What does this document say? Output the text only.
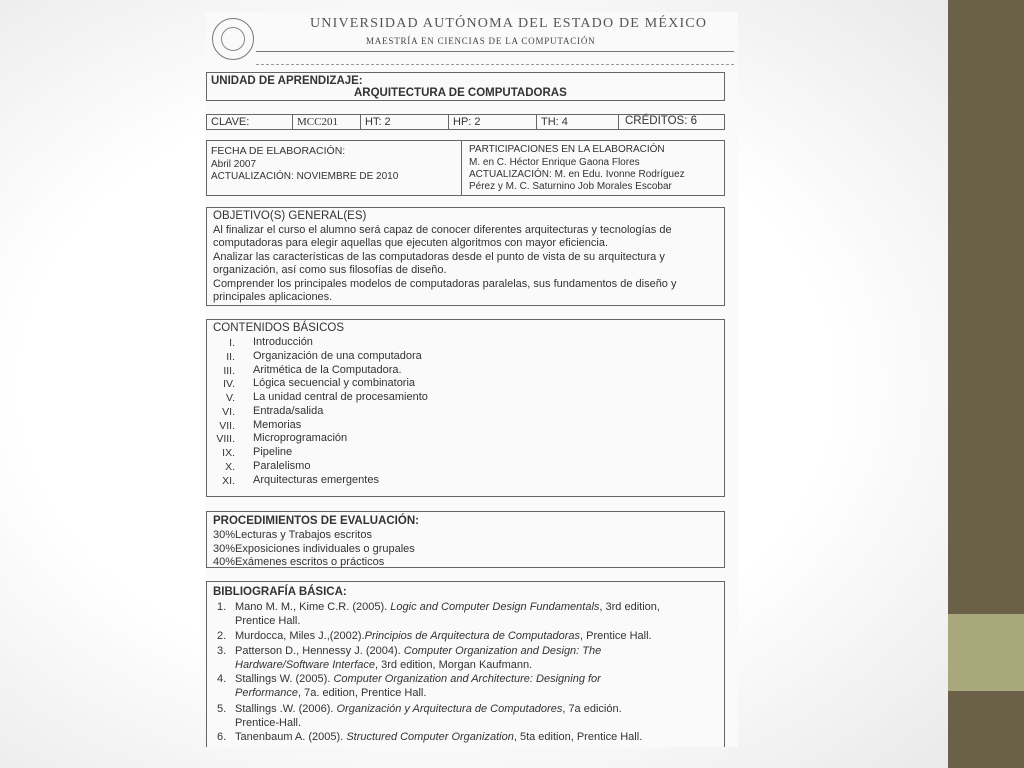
UNIVERSIDAD AUTÓNOMA DEL ESTADO DE MÉXICO
MAESTRÍA EN CIENCIAS DE LA COMPUTACIÓN
UNIDAD DE APRENDIZAJE:
ARQUITECTURA DE COMPUTADORAS
CLAVE:	MCC201 HT: 2	HP: 2	TH: 4	CRÉDITOS: 6
FECHA DE ELABORACIÓN:
Abril 2007
ACTUALIZACIÓN: NOVIEMBRE DE 2010
PARTICIPACIONES EN LA ELABORACIÓN
M. en C. Héctor Enrique Gaona Flores
ACTUALIZACIÓN: M. en Edu. Ivonne Rodríguez
Pérez y M. C. Saturnino Job Morales Escobar
OBJETIVO(S) GENERAL(ES)
Al finalizar el curso el alumno será capaz de conocer diferentes arquitecturas y tecnologías de
computadoras para elegir aquellas que ejecuten algoritmos con mayor eficiencia.
Analizar las características de las computadoras desde el punto de vista de su arquitectura y
organización, así como sus filosofías de diseño.
Comprender los principales modelos de computadoras paralelas, sus fundamentos de diseño y
principales aplicaciones.
CONTENIDOS BÁSICOS
I. Introducción
II. Organización de una computadora
III. Aritmética de la Computadora.
IV. Lógica secuencial y combinatoria
V. La unidad central de procesamiento
VI. Entrada/salida
VII. Memorias
VIII. Microprogramación
IX. Pipeline
X. Paralelismo
XI. Arquitecturas emergentes
PROCEDIMIENTOS DE EVALUACIÓN:
30%Lecturas y Trabajos escritos
30%Exposiciones individuales o grupales
40%Exámenes escritos o prácticos
BIBLIOGRAFÍA BÁSICA:
1. Mano M. M., Kime C.R. (2005). Logic and Computer Design Fundamentals, 3rd edition,
Prentice Hall.
2. Murdocca, Miles J.,(2002).Principios de Arquitectura de Computadoras, Prentice Hall.
3. Patterson D., Hennessy J. (2004). Computer Organization and Design: The
Hardware/Software Interface, 3rd edition, Morgan Kaufmann.
4. Stallings W. (2005). Computer Organization and Architecture: Designing for
Performance, 7a. edition, Prentice Hall.
5. Stallings .W. (2006). Organización y Arquitectura de Computadores, 7a edición.
Prentice-Hall.
6. Tanenbaum A. (2005). Structured Computer Organization, 5ta edition, Prentice Hall.
